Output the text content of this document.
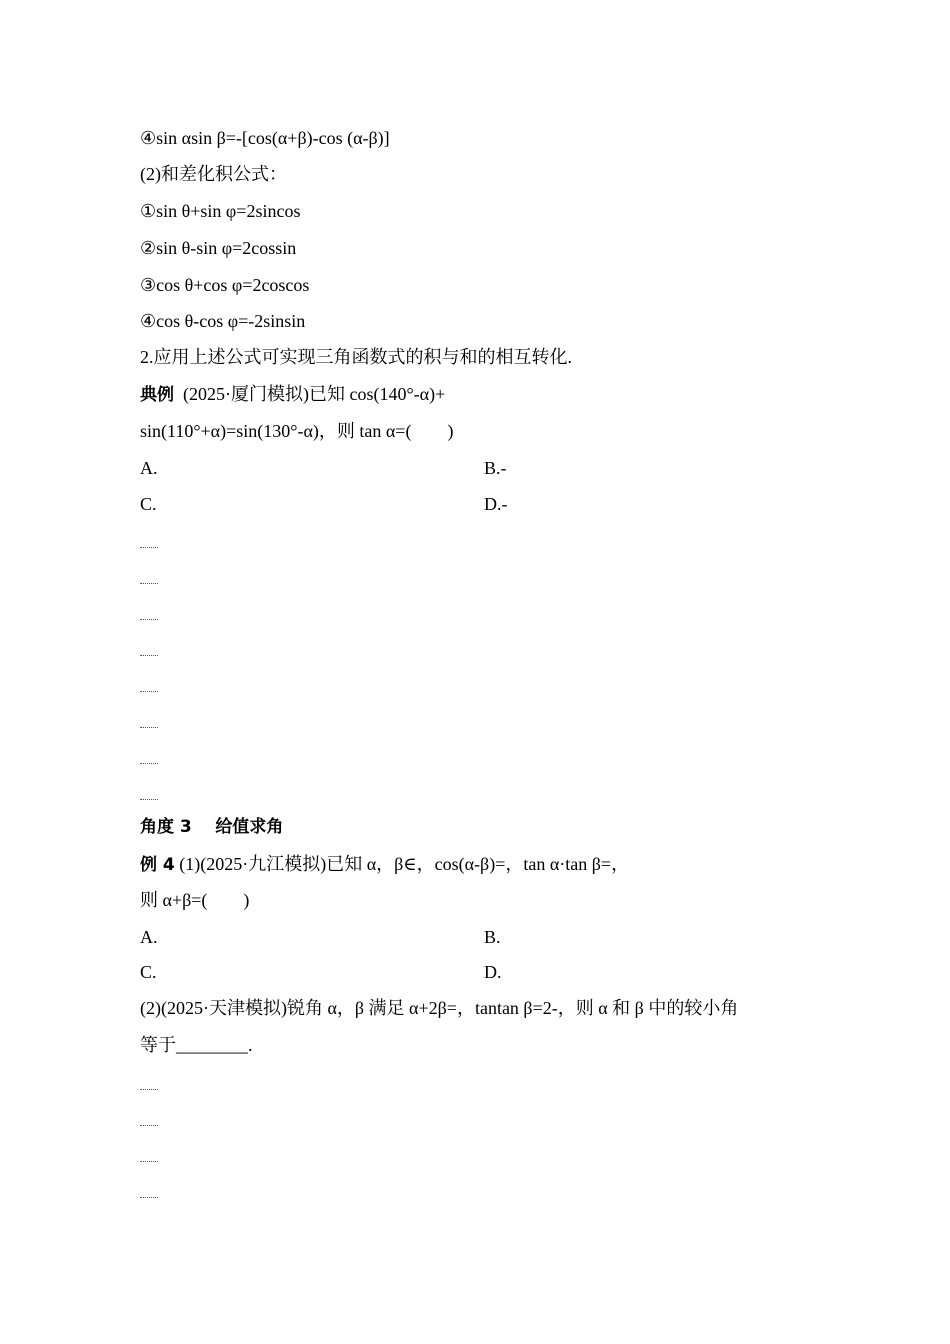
④sin αsin β=-[cos(α+β)-cos (α-β)]
(2)和差化积公式：
①sin θ+sin φ=2sincos
②sin θ-sin φ=2cossin
③cos θ+cos φ=2coscos
④cos θ-cos φ=-2sinsin
2.应用上述公式可实现三角函数式的积与和的相互转化.
典例  (2025·厦门模拟)已知 cos(140°-α)+
sin(110°+α)=sin(130°-α)，则 tan α=(        )
A.	B.-
C.	D.-
角度 3    给值求角
例 4 (1)(2025·九江模拟)已知 α，β∈，cos(α-β)=，tan α·tan β=，
则 α+β=(        )
A.	B.
C.	D.
(2)(2025·天津模拟)锐角 α，β 满足 α+2β=，tantan β=2-，则 α 和 β 中的较小角
等于________.
